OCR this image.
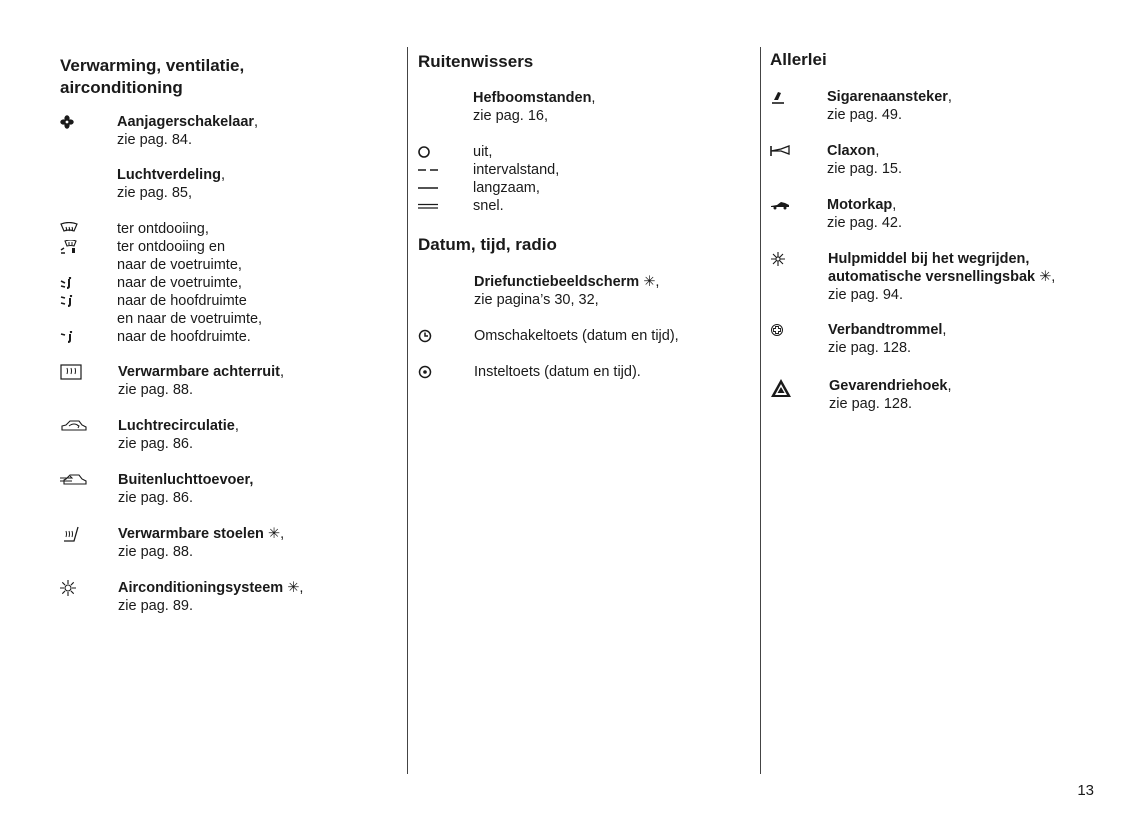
Verwarming, ventilatie,
airconditioning
Aanjagerschakelaar,
zie pag. 84.
Luchtverdeling,
zie pag. 85,
ter ontdooiing,
ter ontdooiing en
naar de voetruimte,
naar de voetruimte,
naar de hoofdruimte
en naar de voetruimte,
naar de hoofdruimte.
Verwarmbare achterruit,
zie pag. 88.
Luchtrecirculatie,
zie pag. 86.
Buitenluchttoevoer,
zie pag. 86.
Verwarmbare stoelen ✳,
zie pag. 88.
Airconditioningsysteem ✳,
zie pag. 89.
Ruitenwissers
Hefboomstanden,
zie pag. 16,
uit,
intervalstand,
langzaam,
snel.
Datum, tijd, radio
Driefunctiebeeldscherm ✳,
zie pagina’s 30, 32,
Omschakeltoets (datum en tijd),
Insteltoets (datum en tijd).
Allerlei
Sigarenaansteker,
zie pag. 49.
Claxon,
zie pag. 15.
Motorkap,
zie pag. 42.
Hulpmiddel bij het wegrijden,
automatische versnellingsbak ✳,
zie pag. 94.
Verbandtrommel,
zie pag. 128.
Gevarendriehoek,
zie pag. 128.
13
